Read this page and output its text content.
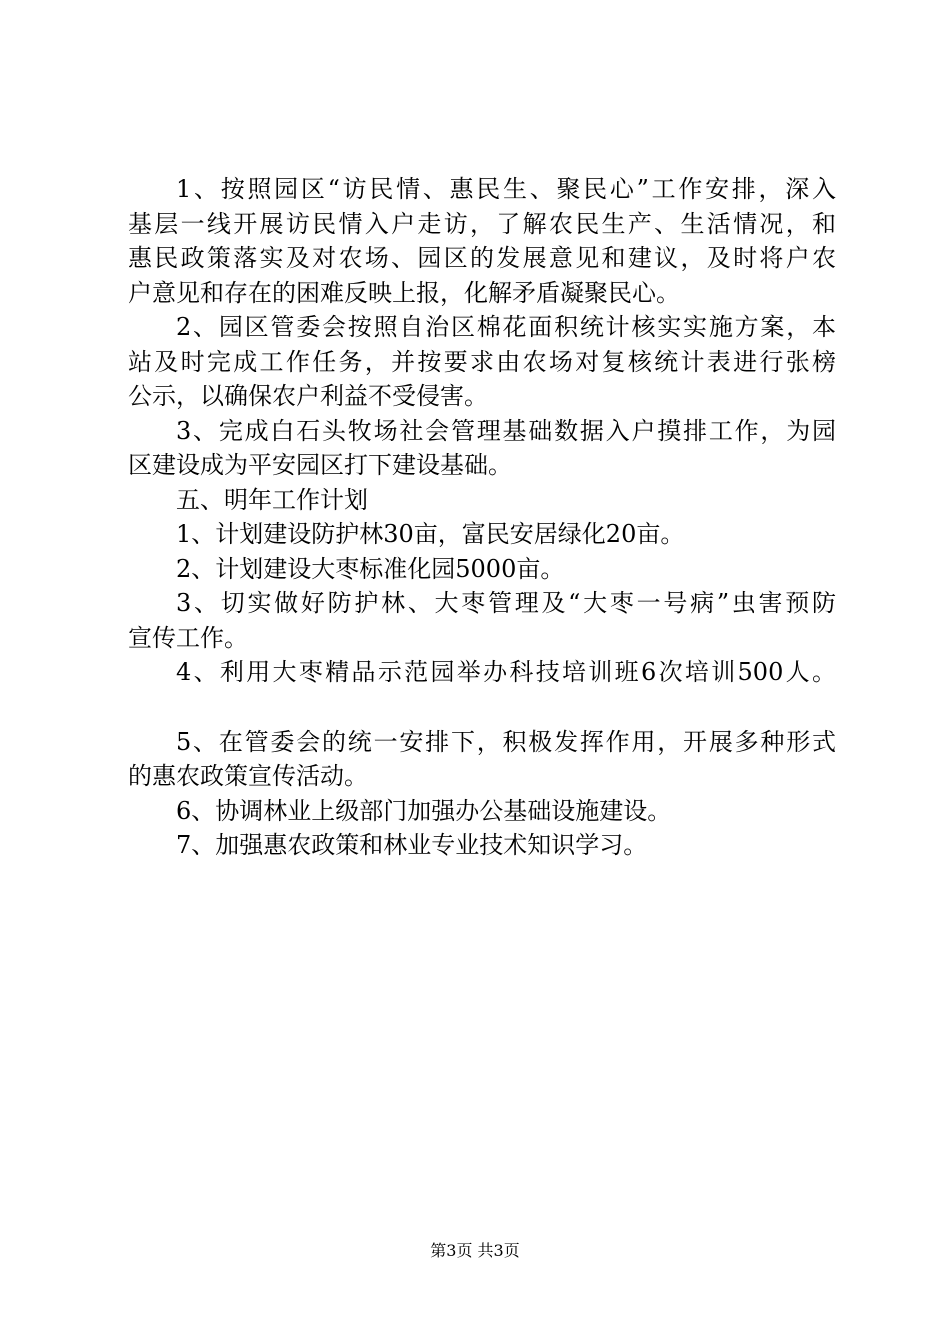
1、按照园区“访民情、惠民生、聚民心”工作安排，深入
基层一线开展访民情入户走访，了解农民生产、生活情况，和
惠民政策落实及对农场、园区的发展意见和建议，及时将户农
户意见和存在的困难反映上报，化解矛盾凝聚民心。
2、园区管委会按照自治区棉花面积统计核实实施方案，本
站及时完成工作任务，并按要求由农场对复核统计表进行张榜
公示，以确保农户利益不受侵害。
3、完成白石头牧场社会管理基础数据入户摸排工作，为园
区建设成为平安园区打下建设基础。
五、明年工作计划
1、计划建设防护林30亩，富民安居绿化20亩。
2、计划建设大枣标准化园5000亩。
3、切实做好防护林、大枣管理及“大枣一号病”虫害预防
宣传工作。
4、利用大枣精品示范园举办科技培训班6次培训500人。
5、在管委会的统一安排下，积极发挥作用，开展多种形式
的惠农政策宣传活动。
6、协调林业上级部门加强办公基础设施建设。
7、加强惠农政策和林业专业技术知识学习。
第3页 共3页
